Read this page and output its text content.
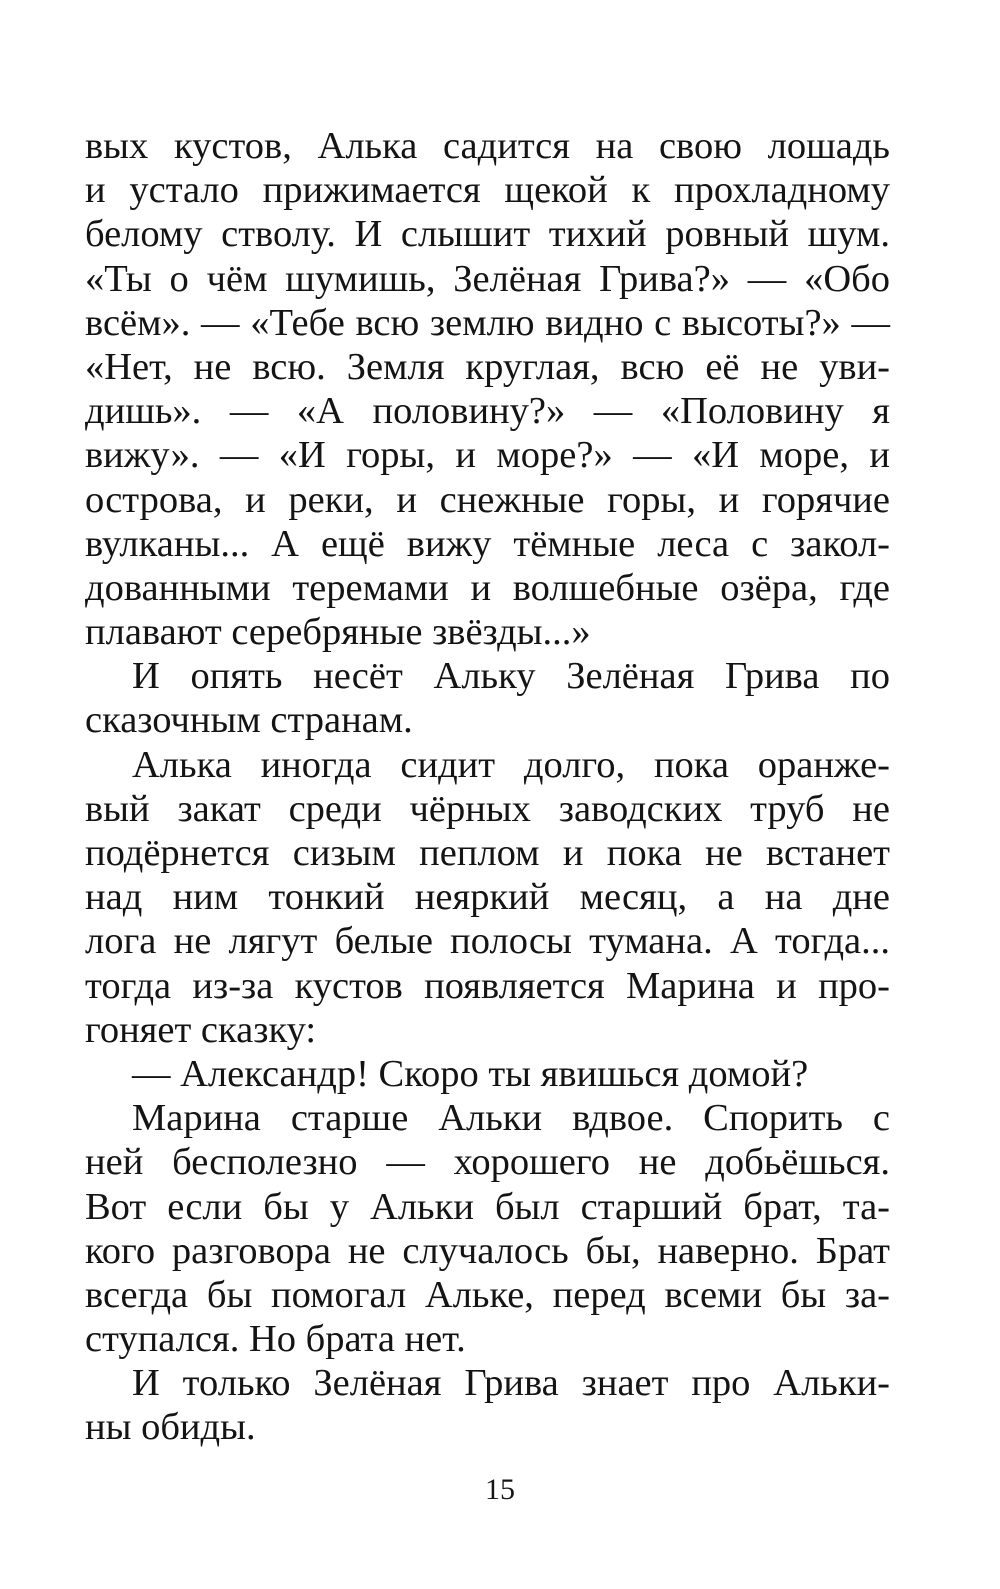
вых кустов, Алька садится на свою лошадь
и устало прижимается щекой к прохладному
белому стволу. И слышит тихий ровный шум.
«Ты о чём шумишь, Зелёная Грива?» — «Обо
всём». — «Тебе всю землю видно с высоты?» —
«Нет, не всю. Земля круглая, всю её не уви-
дишь». — «А половину?» — «Половину я
вижу». — «И горы, и море?» — «И море, и
острова, и реки, и снежные горы, и горячие
вулканы... А ещё вижу тёмные леса с закол-
дованными теремами и волшебные озёра, где
плавают серебряные звёзды...»
И опять несёт Альку Зелёная Грива по
сказочным странам.
Алька иногда сидит долго, пока оранже-
вый закат среди чёрных заводских труб не
подёрнется сизым пеплом и пока не встанет
над ним тонкий неяркий месяц, а на дне
лога не лягут белые полосы тумана. А тогда...
тогда из-за кустов появляется Марина и про-
гоняет сказку:
— Александр! Скоро ты явишься домой?
Марина старше Альки вдвое. Спорить с
ней бесполезно — хорошего не добьёшься.
Вот если бы у Альки был старший брат, та-
кого разговора не случалось бы, наверно. Брат
всегда бы помогал Альке, перед всеми бы за-
ступался. Но брата нет.
И только Зелёная Грива знает про Альки-
ны обиды.
15
